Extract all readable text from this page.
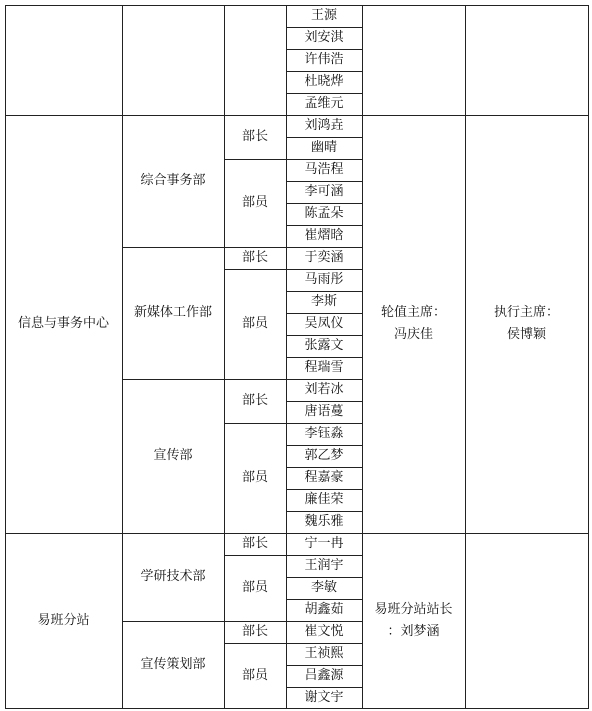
王源
刘安淇
许伟浩
杜晓烨
孟维元
刘鸿垚
幽晴
部长
马浩程
李可涵
陈孟朵
崔熠晗
部员
综合事务部
于奕涵
部长
马雨彤
李斯
吴凤仪
张露文
程瑞雪
部员
新媒体工作部
刘若冰
唐语蔓
部长
李钰淼
郭乙梦
程嘉豪
廉佳荣
魏乐雅
部员
宣传部
信息与事务中心
轮值主席：
冯庆佳
执行主席：
侯博颖
宁一冉
部长
王润宇
李敏
胡鑫茹
部员
学研技术部
崔文悦
部长
王祯熙
吕鑫源
谢文宇
部员
宣传策划部
易班分站
易班分站站长
：刘梦涵
